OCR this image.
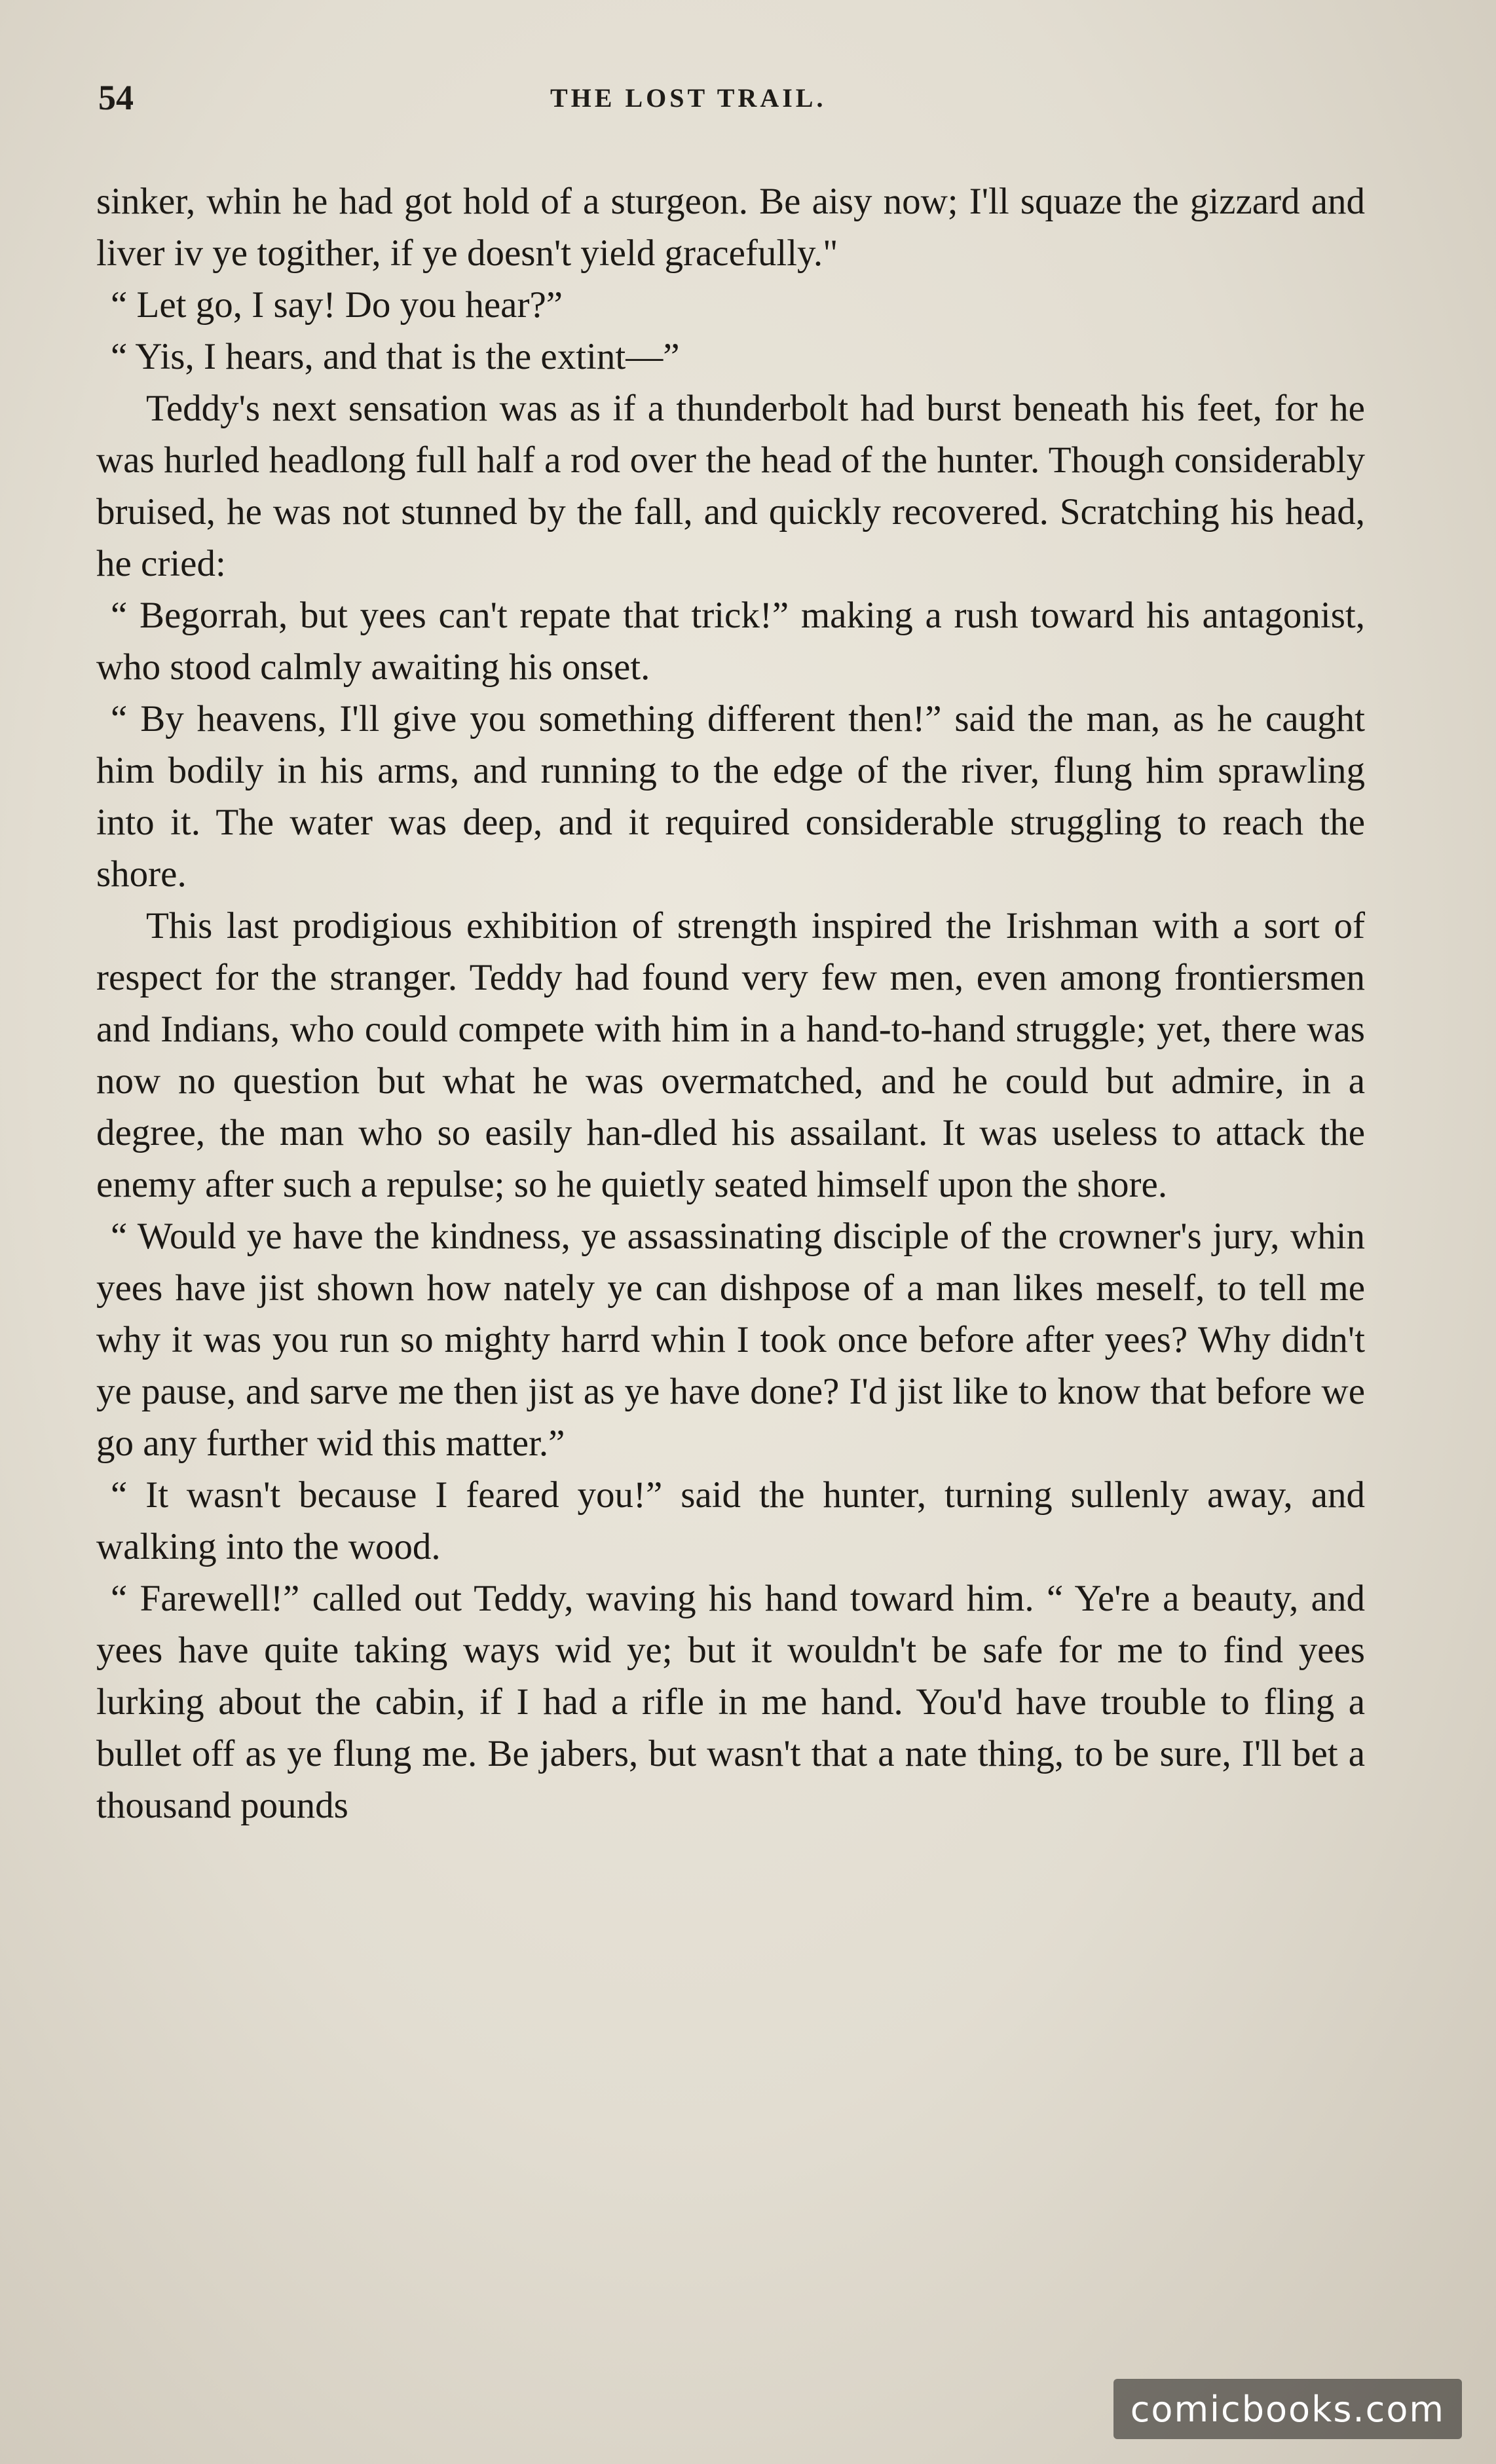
54	THE LOST TRAIL.

sinker, whin he had got hold of a sturgeon. Be aisy now; I'll squaze the gizzard and liver iv ye togither, if ye doesn't yield gracefully."

“ Let go, I say! Do you hear?”

“ Yis, I hears, and that is the extint—”

Teddy's next sensation was as if a thunderbolt had burst beneath his feet, for he was hurled headlong full half a rod over the head of the hunter. Though considerably bruised, he was not stunned by the fall, and quickly recovered. Scratching his head, he cried:

“ Begorrah, but yees can't repate that trick!” making a rush toward his antagonist, who stood calmly awaiting his onset.

“ By heavens, I'll give you something different then!” said the man, as he caught him bodily in his arms, and running to the edge of the river, flung him sprawling into it. The water was deep, and it required considerable struggling to reach the shore.

This last prodigious exhibition of strength inspired the Irishman with a sort of respect for the stranger. Teddy had found very few men, even among frontiersmen and Indians, who could compete with him in a hand-to-hand struggle; yet, there was now no question but what he was overmatched, and he could but admire, in a degree, the man who so easily han-dled his assailant. It was useless to attack the enemy after such a repulse; so he quietly seated himself upon the shore.

“ Would ye have the kindness, ye assassinating disciple of the crowner's jury, whin yees have jist shown how nately ye can dishpose of a man likes meself, to tell me why it was you run so mighty harrd whin I took once before after yees? Why didn't ye pause, and sarve me then jist as ye have done? I'd jist like to know that before we go any further wid this matter.”

“ It wasn't because I feared you!” said the hunter, turning sullenly away, and walking into the wood.

“ Farewell!” called out Teddy, waving his hand toward him. “ Ye're a beauty, and yees have quite taking ways wid ye; but it wouldn't be safe for me to find yees lurking about the cabin, if I had a rifle in me hand. You'd have trouble to fling a bullet off as ye flung me. Be jabers, but wasn't that a nate thing, to be sure, I'll bet a thousand pounds

comicbooks.com
